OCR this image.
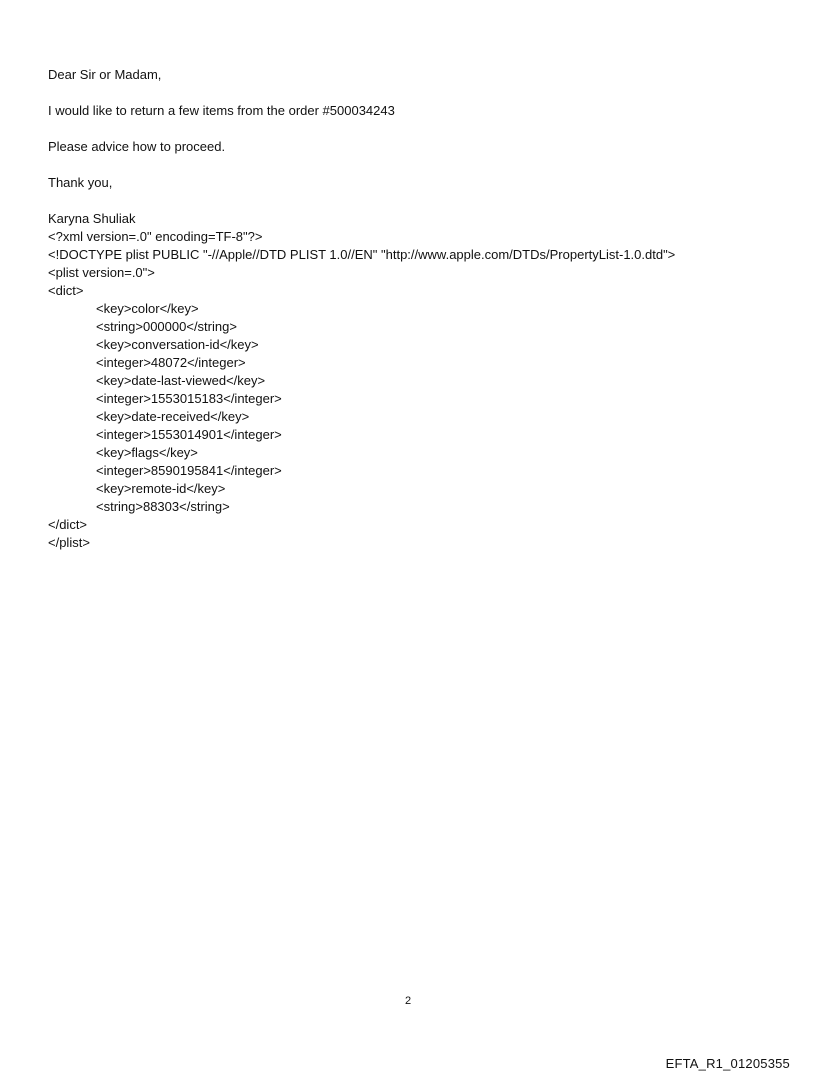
Dear Sir or Madam,
I would like to return a few items from the order #500034243
Please advice how to proceed.
Thank you,
Karyna Shuliak
<?xml version=.0" encoding=TF-8"?>
<!DOCTYPE plist PUBLIC "-//Apple//DTD PLIST 1.0//EN" "http://www.apple.com/DTDs/PropertyList-1.0.dtd">
<plist version=.0">
<dict>
<key>color</key>
<string>000000</string>
<key>conversation-id</key>
<integer>48072</integer>
<key>date-last-viewed</key>
<integer>1553015183</integer>
<key>date-received</key>
<integer>1553014901</integer>
<key>flags</key>
<integer>8590195841</integer>
<key>remote-id</key>
<string>88303</string>
</dict>
</plist>
2
EFTA_R1_01205355
